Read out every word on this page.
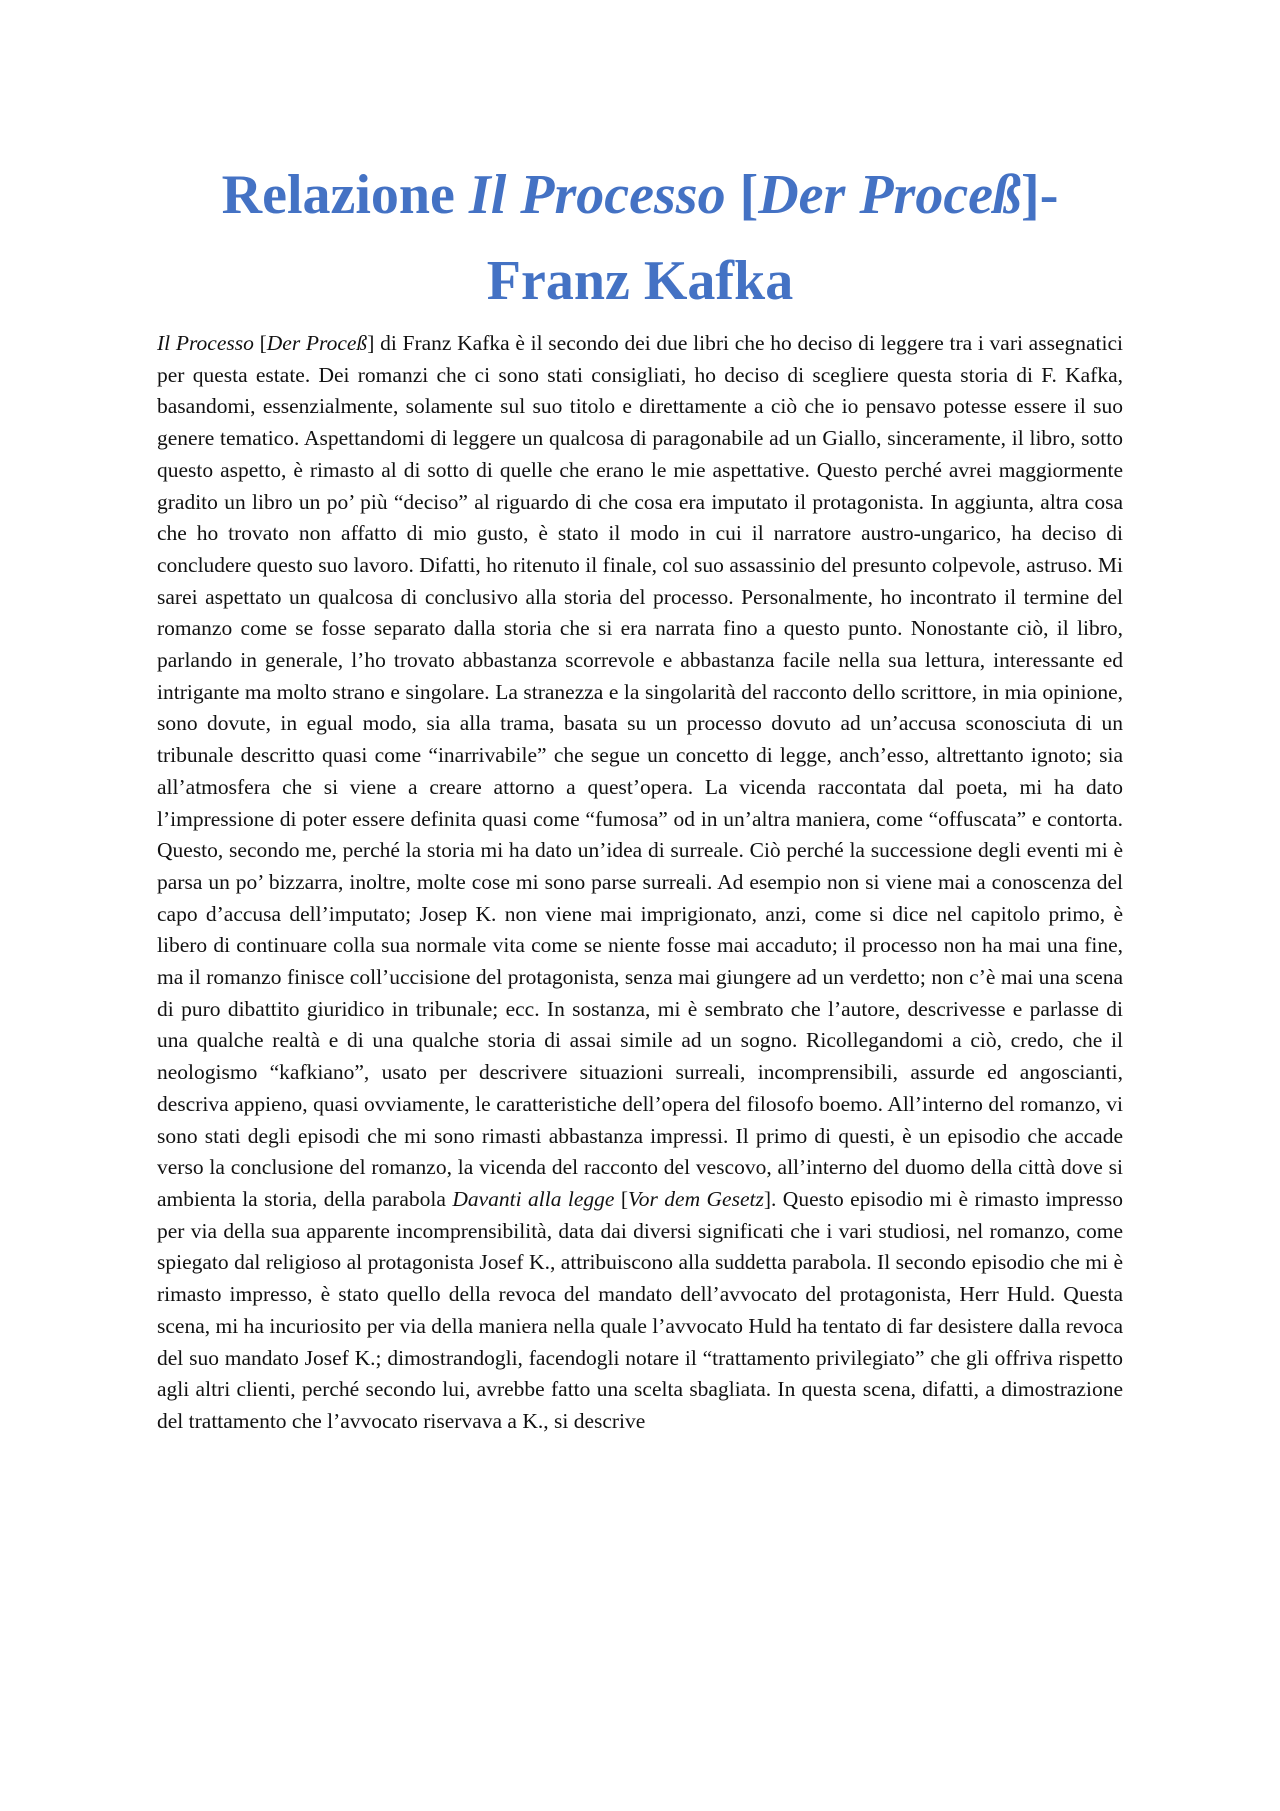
Relazione Il Processo [Der Proceß]-
Franz Kafka

Il Processo [Der Proceß] di Franz Kafka è il secondo dei due libri che ho deciso di leggere tra i vari assegnatici per questa estate. Dei romanzi che ci sono stati consigliati, ho deciso di scegliere questa storia di F. Kafka, basandomi, essenzialmente, solamente sul suo titolo e direttamente a ciò che io pensavo potesse essere il suo genere tematico. Aspettandomi di leggere un qualcosa di paragonabile ad un Giallo, sinceramente, il libro, sotto questo aspetto, è rimasto al di sotto di quelle che erano le mie aspettative. Questo perché avrei maggiormente gradito un libro un po’ più “deciso” al riguardo di che cosa era imputato il protagonista. In aggiunta, altra cosa che ho trovato non affatto di mio gusto, è stato il modo in cui il narratore austro-ungarico, ha deciso di concludere questo suo lavoro. Difatti, ho ritenuto il finale, col suo assassinio del presunto colpevole, astruso. Mi sarei aspettato un qualcosa di conclusivo alla storia del processo. Personalmente, ho incontrato il termine del romanzo come se fosse separato dalla storia che si era narrata fino a questo punto. Nonostante ciò, il libro, parlando in generale, l’ho trovato abbastanza scorrevole e abbastanza facile nella sua lettura, interessante ed intrigante ma molto strano e singolare. La stranezza e la singolarità del racconto dello scrittore, in mia opinione, sono dovute, in egual modo, sia alla trama, basata su un processo dovuto ad un’accusa sconosciuta di un tribunale descritto quasi come “inarrivabile” che segue un concetto di legge, anch’esso, altrettanto ignoto; sia all’atmosfera che si viene a creare attorno a quest’opera. La vicenda raccontata dal poeta, mi ha dato l’impressione di poter essere definita quasi come “fumosa” od in un’altra maniera, come “offuscata” e contorta. Questo, secondo me, perché la storia mi ha dato un’idea di surreale. Ciò perché la successione degli eventi mi è parsa un po’ bizzarra, inoltre, molte cose mi sono parse surreali. Ad esempio non si viene mai a conoscenza del capo d’accusa dell’imputato; Josep K. non viene mai imprigionato, anzi, come si dice nel capitolo primo, è libero di continuare colla sua normale vita come se niente fosse mai accaduto; il processo non ha mai una fine, ma il romanzo finisce coll’uccisione del protagonista, senza mai giungere ad un verdetto; non c’è mai una scena di puro dibattito giuridico in tribunale; ecc. In sostanza, mi è sembrato che l’autore, descrivesse e parlasse di una qualche realtà e di una qualche storia di assai simile ad un sogno. Ricollegandomi a ciò, credo, che il neologismo “kafkiano”, usato per descrivere situazioni surreali, incomprensibili, assurde ed angoscianti, descriva appieno, quasi ovviamente, le caratteristiche dell’opera del filosofo boemo. All’interno del romanzo, vi sono stati degli episodi che mi sono rimasti abbastanza impressi. Il primo di questi, è un episodio che accade verso la conclusione del romanzo, la vicenda del racconto del vescovo, all’interno del duomo della città dove si ambienta la storia, della parabola Davanti alla legge [Vor dem Gesetz]. Questo episodio mi è rimasto impresso per via della sua apparente incomprensibilità, data dai diversi significati che i vari studiosi, nel romanzo, come spiegato dal religioso al protagonista Josef K., attribuiscono alla suddetta parabola. Il secondo episodio che mi è rimasto impresso, è stato quello della revoca del mandato dell’avvocato del protagonista, Herr Huld. Questa scena, mi ha incuriosito per via della maniera nella quale l’avvocato Huld ha tentato di far desistere dalla revoca del suo mandato Josef K.; dimostrandogli, facendogli notare il “trattamento privilegiato” che gli offriva rispetto agli altri clienti, perché secondo lui, avrebbe fatto una scelta sbagliata. In questa scena, difatti, a dimostrazione del trattamento che l’avvocato riservava a K., si descrive
